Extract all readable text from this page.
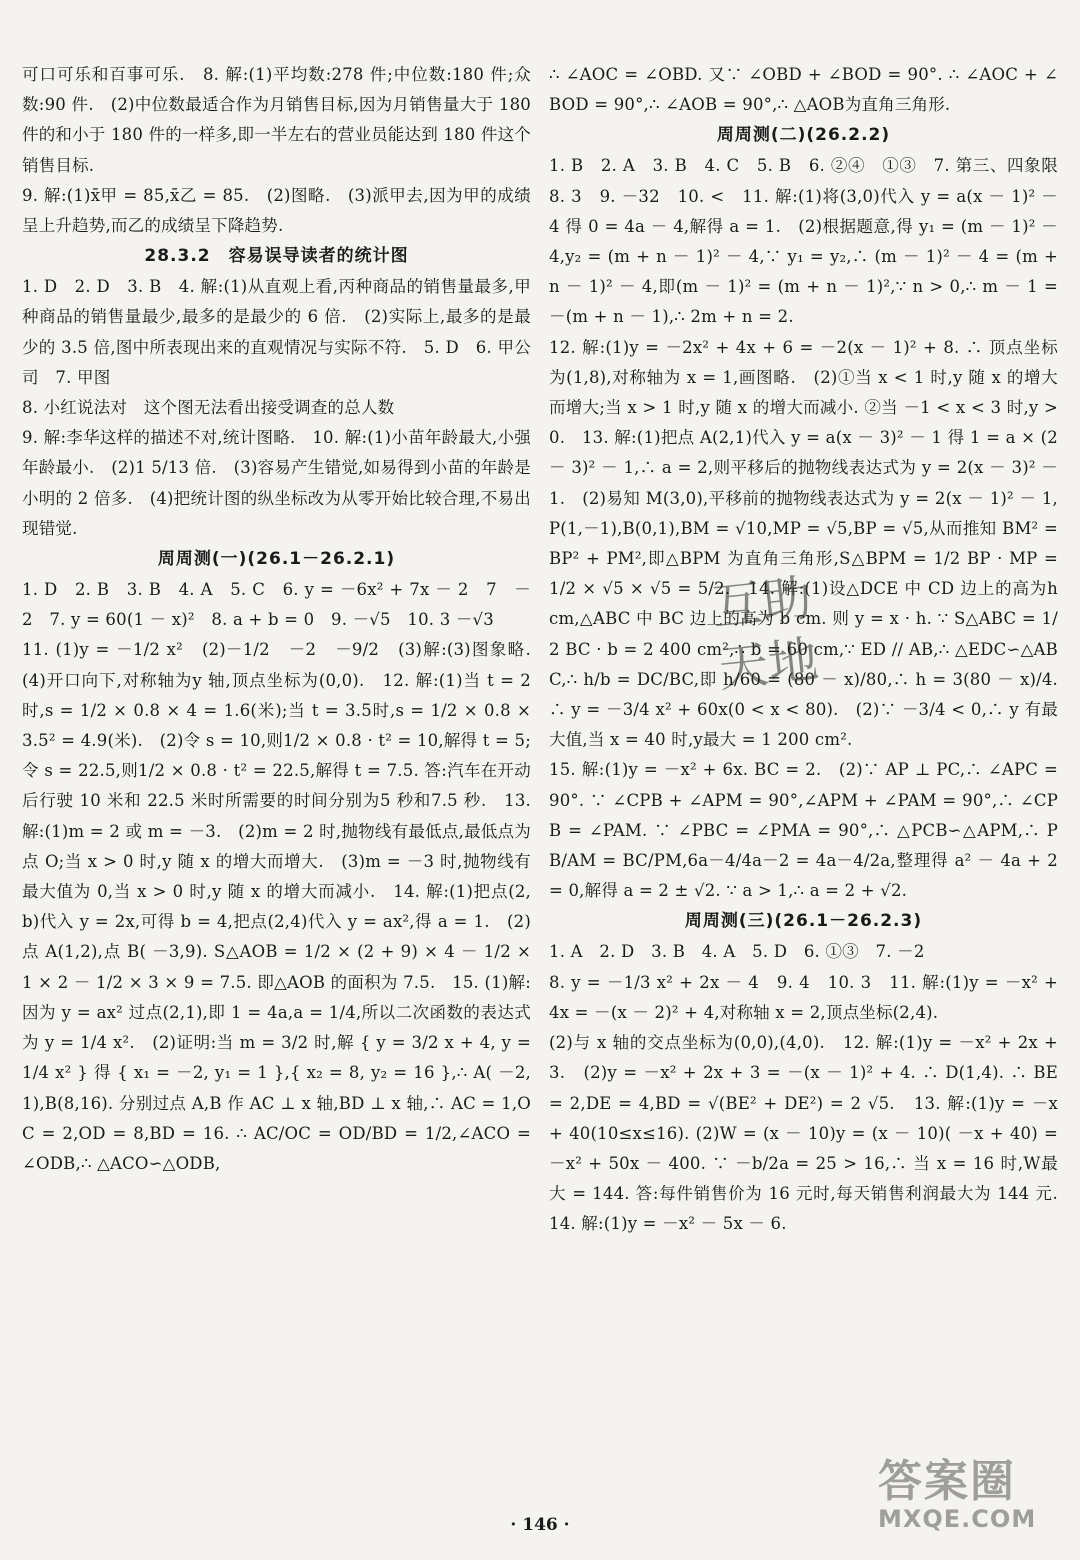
可口可乐和百事可乐.　8. 解:(1)平均数:278 件;中位数:180 件;众数:90 件.　(2)中位数最适合作为月销售目标,因为月销售量大于 180 件的和小于 180 件的一样多,即一半左右的营业员能达到 180 件这个销售目标.

9. 解:(1)x̄甲 = 85,x̄乙 = 85.　(2)图略.　(3)派甲去,因为甲的成绩呈上升趋势,而乙的成绩呈下降趋势.

28.3.2　容易误导读者的统计图

1. D　2. D　3. B　4. 解:(1)从直观上看,丙种商品的销售量最多,甲种商品的销售量最少,最多的是最少的 6 倍.　(2)实际上,最多的是最少的 3.5 倍,图中所表现出来的直观情况与实际不符.　5. D　6. 甲公司　7. 甲图

8. 小红说法对　这个图无法看出接受调查的总人数

9. 解:李华这样的描述不对,统计图略.　10. 解:(1)小苗年龄最大,小强年龄最小.　(2)1 5/13 倍.　(3)容易产生错觉,如易得到小苗的年龄是小明的 2 倍多.　(4)把统计图的纵坐标改为从零开始比较合理,不易出现错觉.

周周测(一)(26.1－26.2.1)

1. D　2. B　3. B　4. A　5. C　6. y = －6x² + 7x － 2　7　－2　7. y = 60(1 － x)²　8. a + b = 0　9. －√5　10. 3 －√3

11. (1)y = －1/2 x²　(2)－1/2　－2　－9/2　(3)解:(3)图象略.　(4)开口向下,对称轴为y 轴,顶点坐标为(0,0).　12. 解:(1)当 t = 2 时,s = 1/2 × 0.8 × 4 = 1.6(米);当 t = 3.5时,s = 1/2 × 0.8 × 3.5² = 4.9(米).　(2)令 s = 10,则1/2 × 0.8 · t² = 10,解得 t = 5;令 s = 22.5,则1/2 × 0.8 · t² = 22.5,解得 t = 7.5. 答:汽车在开动后行驶 10 米和 22.5 米时所需要的时间分别为5 秒和7.5 秒.　13. 解:(1)m = 2 或 m = －3.　(2)m = 2 时,抛物线有最低点,最低点为点 O;当 x > 0 时,y 随 x 的增大而增大.　(3)m = －3 时,抛物线有最大值为 0,当 x > 0 时,y 随 x 的增大而减小.　14. 解:(1)把点(2,b)代入 y = 2x,可得 b = 4,把点(2,4)代入 y = ax²,得 a = 1.　(2)点 A(1,2),点 B( －3,9). S△AOB = 1/2 × (2 + 9) × 4 － 1/2 × 1 × 2 － 1/2 × 3 × 9 = 7.5. 即△AOB 的面积为 7.5.　15. (1)解:因为 y = ax² 过点(2,1),即 1 = 4a,a = 1/4,所以二次函数的表达式为 y = 1/4 x².　(2)证明:当 m = 3/2 时,解 { y = 3/2 x + 4, y = 1/4 x² } 得 { x₁ = －2, y₁ = 1 },{ x₂ = 8, y₂ = 16 },∴ A( －2,1),B(8,16). 分别过点 A,B 作 AC ⊥ x 轴,BD ⊥ x 轴,∴ AC = 1,OC = 2,OD = 8,BD = 16. ∴ AC/OC = OD/BD = 1/2,∠ACO = ∠ODB,∴ △ACO∽△ODB,

∴ ∠AOC = ∠OBD. 又∵ ∠OBD + ∠BOD = 90°. ∴ ∠AOC + ∠BOD = 90°,∴ ∠AOB = 90°,∴ △AOB为直角三角形.

周周测(二)(26.2.2)

1. B　2. A　3. B　4. C　5. B　6. ②④　①③　7. 第三、四象限　8. 3　9. －32　10. <　11. 解:(1)将(3,0)代入 y = a(x － 1)² － 4 得 0 = 4a － 4,解得 a = 1.　(2)根据题意,得 y₁ = (m － 1)² － 4,y₂ = (m + n － 1)² － 4,∵ y₁ = y₂,∴ (m － 1)² － 4 = (m + n － 1)² － 4,即(m － 1)² = (m + n － 1)²,∵ n > 0,∴ m － 1 = －(m + n － 1),∴ 2m + n = 2.

12. 解:(1)y = －2x² + 4x + 6 = －2(x － 1)² + 8. ∴ 顶点坐标为(1,8),对称轴为 x = 1,画图略.　(2)①当 x < 1 时,y 随 x 的增大而增大;当 x > 1 时,y 随 x 的增大而减小. ②当 －1 < x < 3 时,y > 0.　13. 解:(1)把点 A(2,1)代入 y = a(x － 3)² － 1 得 1 = a × (2 － 3)² － 1,∴ a = 2,则平移后的抛物线表达式为 y = 2(x － 3)² － 1.　(2)易知 M(3,0),平移前的抛物线表达式为 y = 2(x － 1)² － 1,P(1,－1),B(0,1),BM = √10,MP = √5,BP = √5,从而推知 BM² = BP² + PM²,即△BPM 为直角三角形,S△BPM = 1/2 BP · MP = 1/2 × √5 × √5 = 5/2.　14. 解:(1)设△DCE 中 CD 边上的高为h cm,△ABC 中 BC 边上的高为 b cm. 则 y = x · h. ∵ S△ABC = 1/2 BC · b = 2 400 cm²,∴ b = 60 cm,∵ ED // AB,∴ △EDC∽△ABC,∴ h/b = DC/BC,即 h/60 = (80 － x)/80,∴ h = 3(80 － x)/4. ∴ y = －3/4 x² + 60x(0 < x < 80).　(2)∵ －3/4 < 0,∴ y 有最大值,当 x = 40 时,y最大 = 1 200 cm².

15. 解:(1)y = －x² + 6x. BC = 2.　(2)∵ AP ⊥ PC,∴ ∠APC = 90°. ∵ ∠CPB + ∠APM = 90°,∠APM + ∠PAM = 90°,∴ ∠CPB = ∠PAM. ∵ ∠PBC = ∠PMA = 90°,∴ △PCB∽△APM,∴ PB/AM = BC/PM,6a－4/4a－2 = 4a－4/2a,整理得 a² － 4a + 2 = 0,解得 a = 2 ± √2. ∵ a > 1,∴ a = 2 + √2.

周周测(三)(26.1－26.2.3)

1. A　2. D　3. B　4. A　5. D　6. ①③　7. －2

8. y = －1/3 x² + 2x － 4　9. 4　10. 3　11. 解:(1)y = －x² + 4x = －(x － 2)² + 4,对称轴 x = 2,顶点坐标(2,4).

(2)与 x 轴的交点坐标为(0,0),(4,0).　12. 解:(1)y = －x² + 2x + 3.　(2)y = －x² + 2x + 3 = －(x － 1)² + 4. ∴ D(1,4). ∴ BE = 2,DE = 4,BD = √(BE² + DE²) = 2 √5.　13. 解:(1)y = －x + 40(10≤x≤16). (2)W = (x － 10)y = (x － 10)( －x + 40) = －x² + 50x － 400. ∵ －b/2a = 25 > 16,∴ 当 x = 16 时,W最大 = 144. 答:每件销售价为 16 元时,每天销售利润最大为 144 元.　14. 解:(1)y = －x² － 5x － 6.

互助天地
· 146 ·
答案圈
MXQE.COM
